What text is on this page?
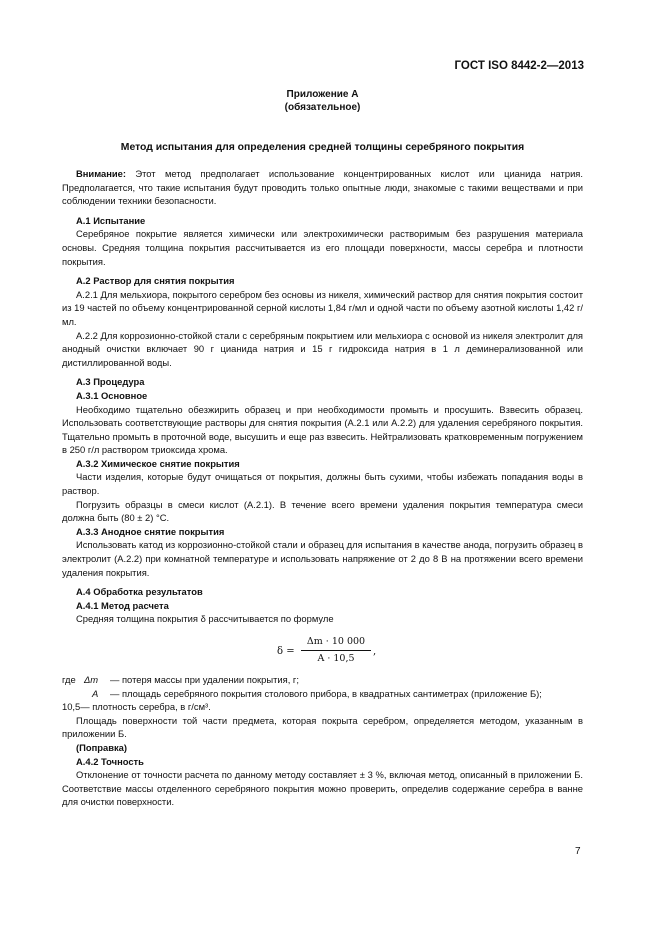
ГОСТ ISO 8442-2—2013
Приложение А
(обязательное)
Метод испытания для определения средней толщины серебряного покрытия

Внимание: Этот метод предполагает использование концентрированных кислот или цианида натрия. Предполагается, что такие испытания будут проводить только опытные люди, знакомые с такими веществами и при соблюдении техники безопасности.

А.1 Испытание

Серебряное покрытие является химически или электрохимически растворимым без разрушения материала основы. Средняя толщина покрытия рассчитывается из его площади поверхности, массы серебра и плотности покрытия.

А.2 Раствор для снятия покрытия

А.2.1 Для мельхиора, покрытого серебром без основы из никеля, химический раствор для снятия покрытия состоит из 19 частей по объему концентрированной серной кислоты 1,84 г/мл и одной части по объему азотной кислоты 1,42 г/мл.

А.2.2 Для коррозионно-стойкой стали с серебряным покрытием или мельхиора с основой из никеля электролит для анодный очистки включает 90 г цианида натрия и 15 г гидроксида натрия в 1 л деминерализованной или дистиллированной воды.

А.3 Процедура
А.3.1 Основное

Необходимо тщательно обезжирить образец и при необходимости промыть и просушить. Взвесить образец. Использовать соответствующие растворы для снятия покрытия (А.2.1 или А.2.2) для удаления серебряного покрытия. Тщательно промыть в проточной воде, высушить и еще раз взвесить. Нейтрализовать кратковременным погружением в 250 г/л раствором триоксида хрома.

А.3.2 Химическое снятие покрытия

Части изделия, которые будут очищаться от покрытия, должны быть сухими, чтобы избежать попадания воды в раствор.

Погрузить образцы в смеси кислот (А.2.1). В течение всего времени удаления покрытия температура смеси должна быть (80 ± 2) °С.

А.3.3 Анодное снятие покрытия

Использовать катод из коррозионно-стойкой стали и образец для испытания в качестве анода, погрузить образец в электролит (А.2.2) при комнатной температуре и использовать напряжение от 2 до 8 В на протяжении всего времени удаления покрытия.

А.4 Обработка результатов
А.4.1 Метод расчета

Средняя толщина покрытия δ рассчитывается по формуле

$\delta = \frac{\Delta m \cdot 10 000}{A \cdot 10,5}$ ,
где Δm	— потеря массы при удалении покрытия, г;
A	— площадь серебряного покрытия столового прибора, в квадратных сантиметрах (приложение Б);
10,5 — плотность серебра, в г/см³.

Площадь поверхности той части предмета, которая покрыта серебром, определяется методом, указанным в приложении Б.

(Поправка)
А.4.2 Точность

Отклонение от точности расчета по данному методу составляет ± 3 %, включая метод, описанный в приложении Б. Соответствие массы отделенного серебряного покрытия можно проверить, определив содержание серебра в ванне для очистки поверхности.

7
